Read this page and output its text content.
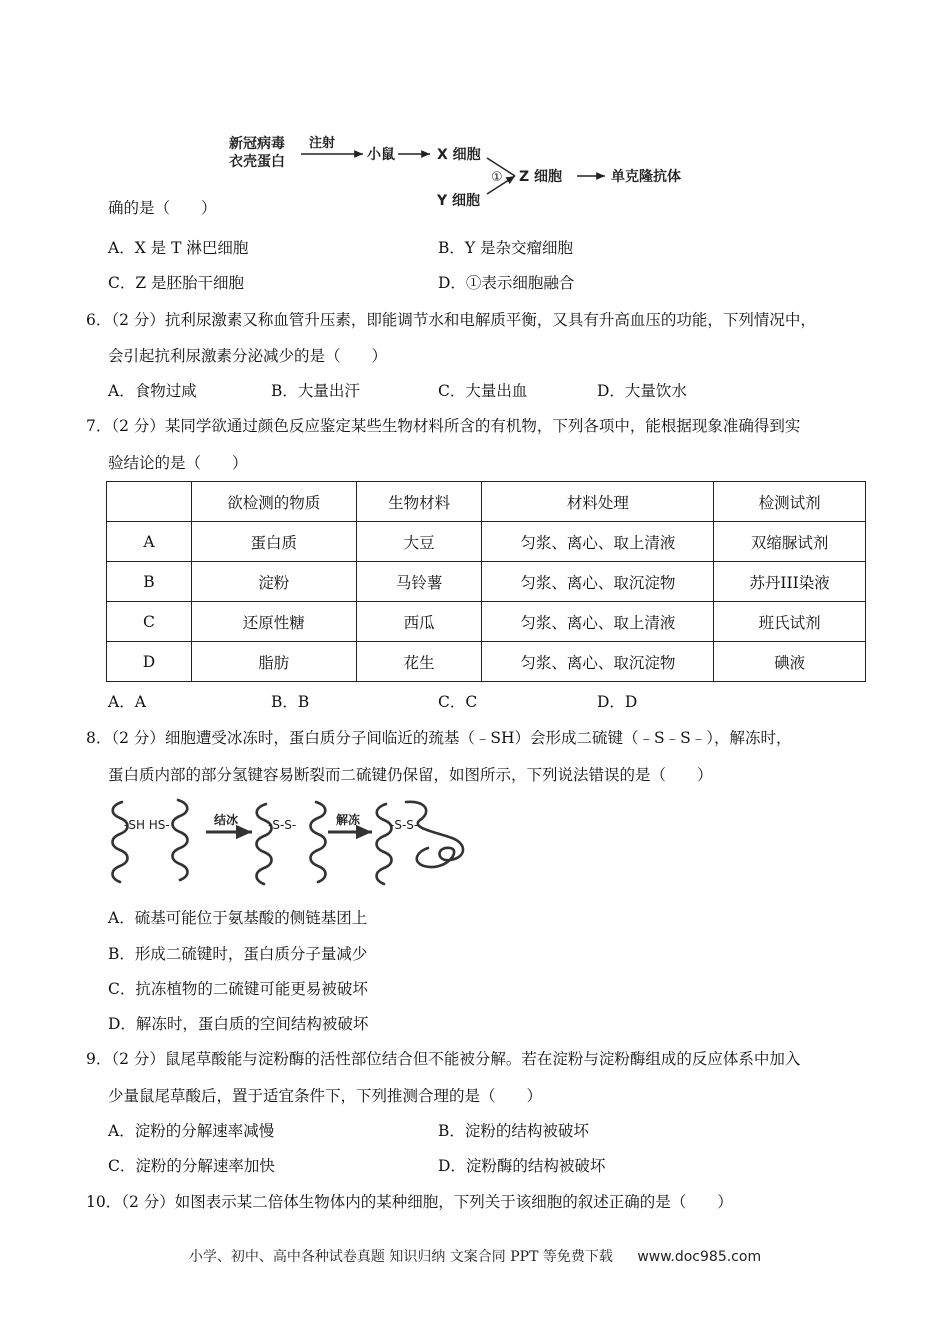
新冠病毒
衣壳蛋白
注射
小鼠	X 细胞
①
Y 细胞
Z 细胞	单克隆抗体
确的是（　　）
A．X 是 T 淋巴细胞	B．Y 是杂交瘤细胞
C．Z 是胚胎干细胞	D．①表示细胞融合
6．（2 分）抗利尿激素又称血管升压素，即能调节水和电解质平衡，又具有升高血压的功能，下列情况中，
会引起抗利尿激素分泌减少的是（　　）
A．食物过咸	B．大量出汗	C．大量出血	D．大量饮水
7．（2 分）某同学欲通过颜色反应鉴定某些生物材料所含的有机物，下列各项中，能根据现象准确得到实
验结论的是（　　）
	欲检测的物质	生物材料	材料处理	检测试剂
A	蛋白质	大豆	匀浆、离心、取上清液	双缩脲试剂
B	淀粉	马铃薯	匀浆、离心、取沉淀物	苏丹III染液
C	还原性糖	西瓜	匀浆、离心、取上清液	班氏试剂
D	脂肪	花生	匀浆、离心、取沉淀物	碘液
A．A	B．B	C．C	D．D
8．（2 分）细胞遭受冰冻时，蛋白质分子间临近的巯基（﹣SH）会形成二硫键（﹣S﹣S﹣），解冻时，
蛋白质内部的部分氢键容易断裂而二硫键仍保留，如图所示，下列说法错误的是（　　）
-SH HS-	结冰 -S-S-	解冻 -S-S-
A．硫基可能位于氨基酸的侧链基团上
B．形成二硫键时，蛋白质分子量减少
C．抗冻植物的二硫键可能更易被破坏
D．解冻时，蛋白质的空间结构被破坏
9．（2 分）鼠尾草酸能与淀粉酶的活性部位结合但不能被分解。若在淀粉与淀粉酶组成的反应体系中加入
少量鼠尾草酸后，置于适宜条件下，下列推测合理的是（　　）
A．淀粉的分解速率减慢	B．淀粉的结构被破坏
C．淀粉的分解速率加快	D．淀粉酶的结构被破坏
10．（2 分）如图表示某二倍体生物体内的某种细胞，下列关于该细胞的叙述正确的是（　　）
小学、初中、高中各种试卷真题 知识归纳 文案合同 PPT 等免费下载 www.doc985.com
